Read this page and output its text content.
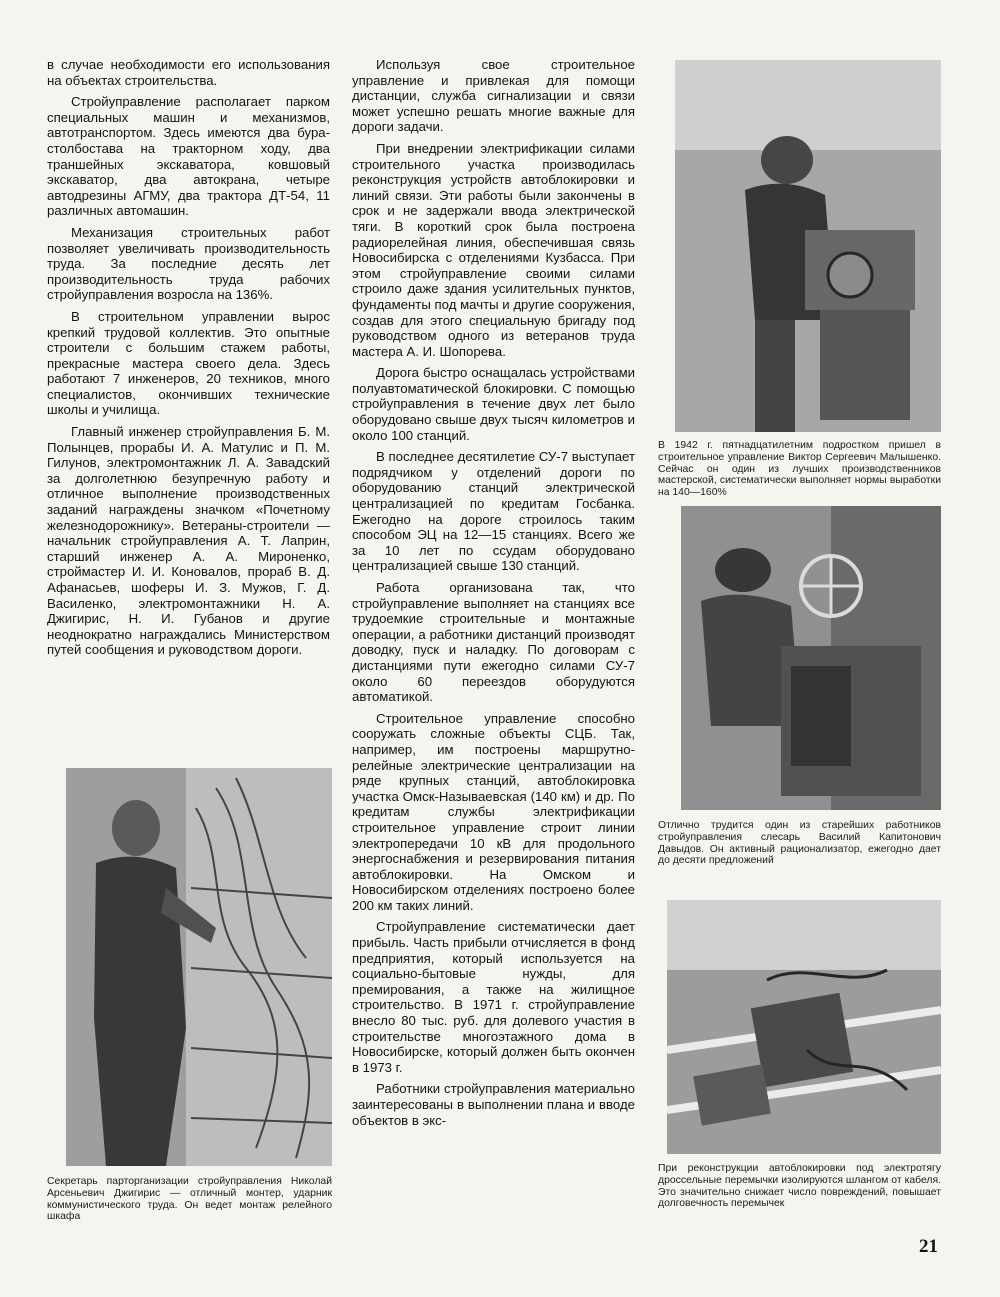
в случае необходимости его использования на объектах строительства.

Стройуправление располагает парком специальных машин и механизмов, автотранспортом. Здесь имеются два бура-столбостава на тракторном ходу, два траншейных экскаватора, ковшовый экскаватор, два автокрана, четыре автодрезины АГМУ, два трактора ДТ-54, 11 различных автомашин.

Механизация строительных работ позволяет увеличивать производительность труда. За последние десять лет производительность труда рабочих стройуправления возросла на 136%.

В строительном управлении вырос крепкий трудовой коллектив. Это опытные строители с большим стажем работы, прекрасные мастера своего дела. Здесь работают 7 инженеров, 20 техников, много специалистов, окончивших технические школы и училища.

Главный инженер стройуправления Б. М. Полынцев, прорабы И. А. Матулис и П. М. Гилунов, электромонтажник Л. А. Завадский за долголетнюю безупречную работу и отличное выполнение производственных заданий награждены значком «Почетному железнодорожнику». Ветераны-строители — начальник стройуправления А. Т. Лаприн, старший инженер А. А. Мироненко, строймастер И. И. Коновалов, прораб В. Д. Афанасьев, шоферы И. З. Мужов, Г. Д. Василенко, электромонтажники Н. А. Джигирис, Н. И. Губанов и другие неоднократно награждались Министерством путей сообщения и руководством дороги.

Используя свое строительное управление и привлекая для помощи дистанции, служба сигнализации и связи может успешно решать многие важные для дороги задачи.

При внедрении электрификации силами строительного участка производилась реконструкция устройств автоблокировки и линий связи. Эти работы были закончены в срок и не задержали ввода электрической тяги. В короткий срок была построена радиорелейная линия, обеспечившая связь Новосибирска с отделениями Кузбасса. При этом стройуправление своими силами строило даже здания усилительных пунктов, фундаменты под мачты и другие сооружения, создав для этого специальную бригаду под руководством одного из ветеранов труда мастера А. И. Шопорева.

Дорога быстро оснащалась устройствами полуавтоматической блокировки. С помощью стройуправления в течение двух лет было оборудовано свыше двух тысяч километров и около 100 станций.

В последнее десятилетие СУ-7 выступает подрядчиком у отделений дороги по оборудованию станций электрической централизацией по кредитам Госбанка. Ежегодно на дороге строилось таким способом ЭЦ на 12—15 станциях. Всего же за 10 лет по ссудам оборудовано централизацией свыше 130 станций.

Работа организована так, что стройуправление выполняет на станциях все трудоемкие строительные и монтажные операции, а работники дистанций производят доводку, пуск и наладку. По договорам с дистанциями пути ежегодно силами СУ-7 около 60 переездов оборудуются автоматикой.

Строительное управление способно сооружать сложные объекты СЦБ. Так, например, им построены маршрутно-релейные электрические централизации на ряде крупных станций, автоблокировка участка Омск-Называевская (140 км) и др. По кредитам службы электрификации строительное управление строит линии электропередачи 10 кВ для продольного энергоснабжения и резервирования питания автоблокировки. На Омском и Новосибирском отделениях построено более 200 км таких линий.

Стройуправление систематически дает прибыль. Часть прибыли отчисляется в фонд предприятия, который используется на социально-бытовые нужды, для премирования, а также на жилищное строительство. В 1971 г. стройуправление внесло 80 тыс. руб. для долевого участия в строительстве многоэтажного дома в Новосибирске, который должен быть окончен в 1973 г.

Работники стройуправления материально заинтересованы в выполнении плана и вводе объектов в экс-

Секретарь парторганизации стройуправления Николай Арсеньевич Джигирис — отличный монтер, ударник коммунистического труда. Он ведет монтаж релейного шкафа
В 1942 г. пятнадцатилетним подростком пришел в строительное управление Виктор Сергеевич Малышенко. Сейчас он один из лучших производственников мастерской, систематически выполняет нормы выработки на 140—160%
Отлично трудится один из старейших работников стройуправления слесарь Василий Капитонович Давыдов. Он активный рационализатор, ежегодно дает до десяти предложений
При реконструкции автоблокировки под электротягу дроссельные перемычки изолируются шлангом от кабеля. Это значительно снижает число повреждений, повышает долговечность перемычек
21
